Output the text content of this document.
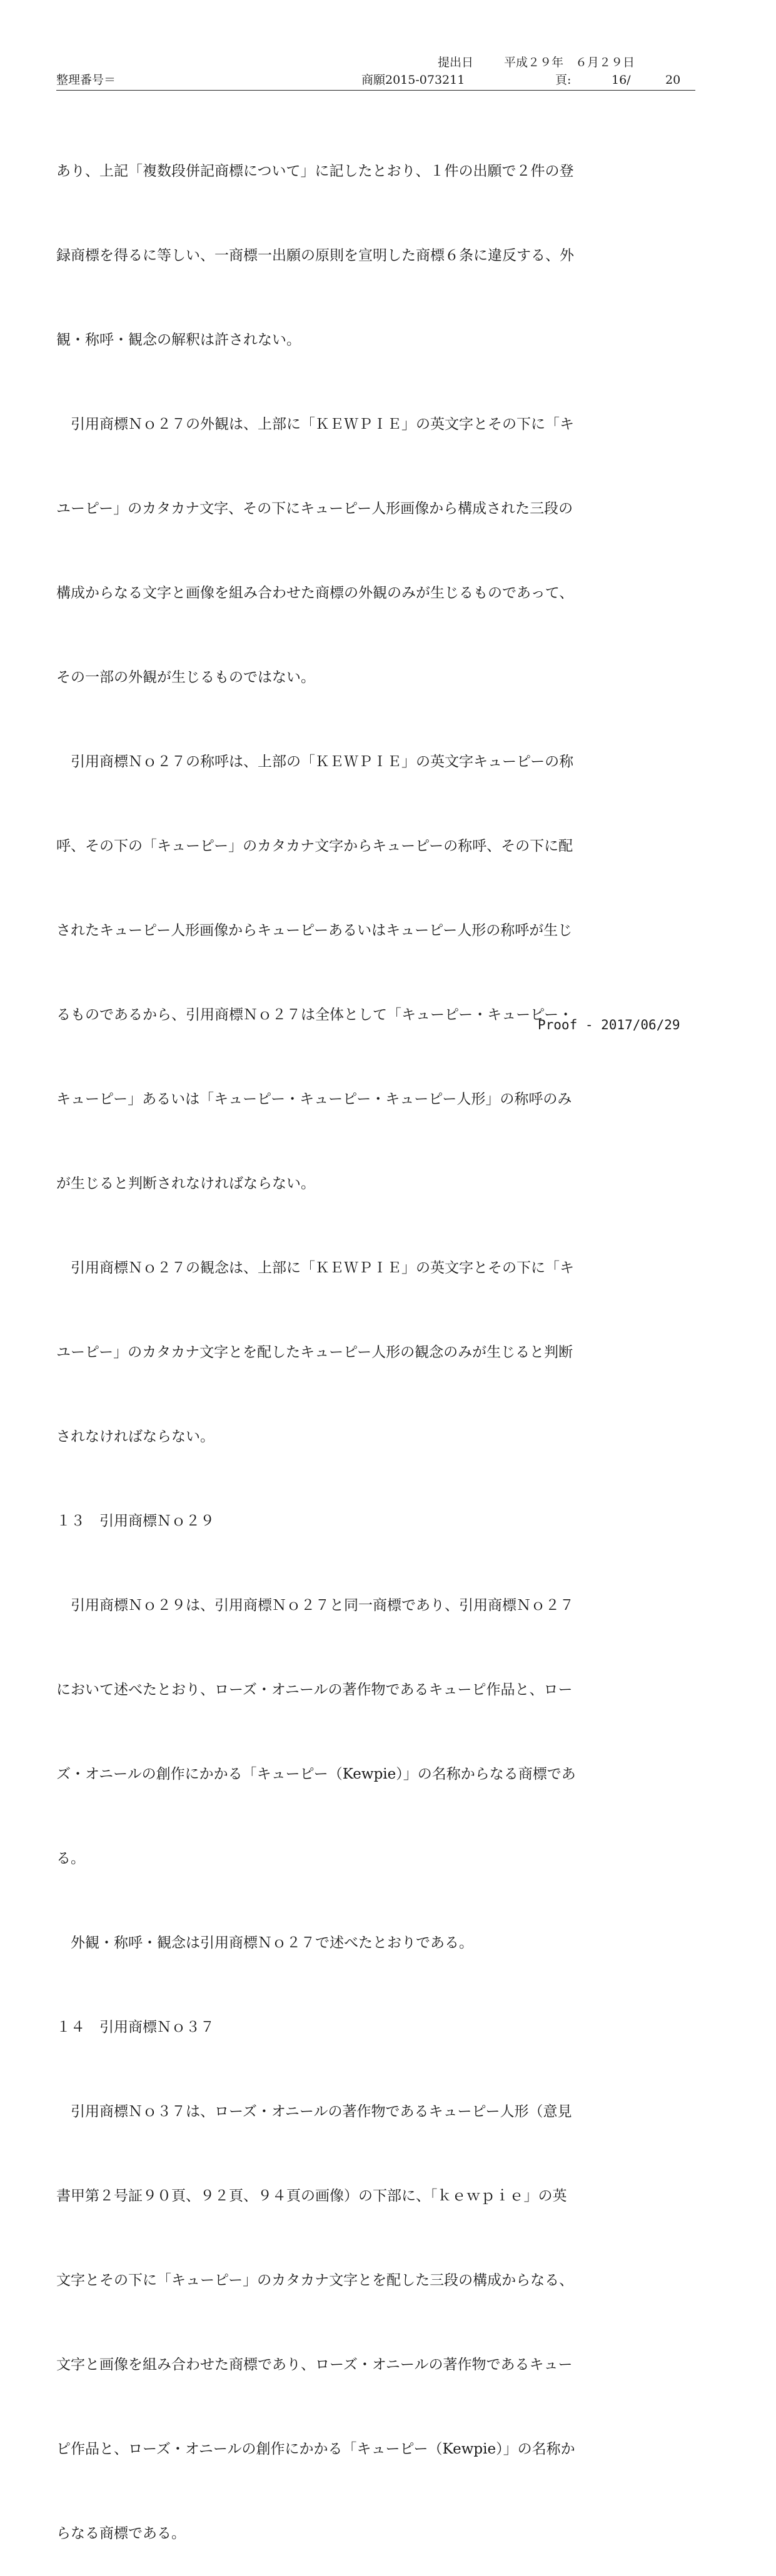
提出日	平成２９年　６月２９日
整理番号＝	商願2015-073211	頁:	16/	20

あり、上記「複数段併記商標について」に記したとおり、１件の出願で２件の登

録商標を得るに等しい、一商標一出願の原則を宣明した商標６条に違反する、外

観・称呼・観念の解釈は許されない。

　引用商標Ｎｏ２７の外観は、上部に「ＫＥＷＰＩＥ」の英文字とその下に「キ

ユーピー」のカタカナ文字、その下にキューピー人形画像から構成された三段の

構成からなる文字と画像を組み合わせた商標の外観のみが生じるものであって、

その一部の外観が生じるものではない。

　引用商標Ｎｏ２７の称呼は、上部の「ＫＥＷＰＩＥ」の英文字キューピーの称

呼、その下の「キューピー」のカタカナ文字からキューピーの称呼、その下に配

されたキューピー人形画像からキューピーあるいはキューピー人形の称呼が生じ

るものであるから、引用商標Ｎｏ２７は全体として「キューピー・キューピー・

キューピー」あるいは「キューピー・キューピー・キューピー人形」の称呼のみ

が生じると判断されなければならない。

　引用商標Ｎｏ２７の観念は、上部に「ＫＥＷＰＩＥ」の英文字とその下に「キ

ユーピー」のカタカナ文字とを配したキューピー人形の観念のみが生じると判断

されなければならない。

１３　引用商標Ｎｏ２９

　引用商標Ｎｏ２９は、引用商標Ｎｏ２７と同一商標であり、引用商標Ｎｏ２７

において述べたとおり、ローズ・オニールの著作物であるキューピ作品と、ロー

ズ・オニールの創作にかかる「キューピー（Kewpie）」の名称からなる商標であ

る。

　外観・称呼・観念は引用商標Ｎｏ２７で述べたとおりである。

１４　引用商標Ｎｏ３７

　引用商標Ｎｏ３７は、ローズ・オニールの著作物であるキューピー人形（意見

書甲第２号証９０頁、９２頁、９４頁の画像）の下部に、「ｋｅｗｐｉｅ」の英

文字とその下に「キューピー」のカタカナ文字とを配した三段の構成からなる、

文字と画像を組み合わせた商標であり、ローズ・オニールの著作物であるキュー

ピ作品と、ローズ・オニールの創作にかかる「キューピー（Kewpie）」の名称か

らなる商標である。

Proof - 2017/06/29
